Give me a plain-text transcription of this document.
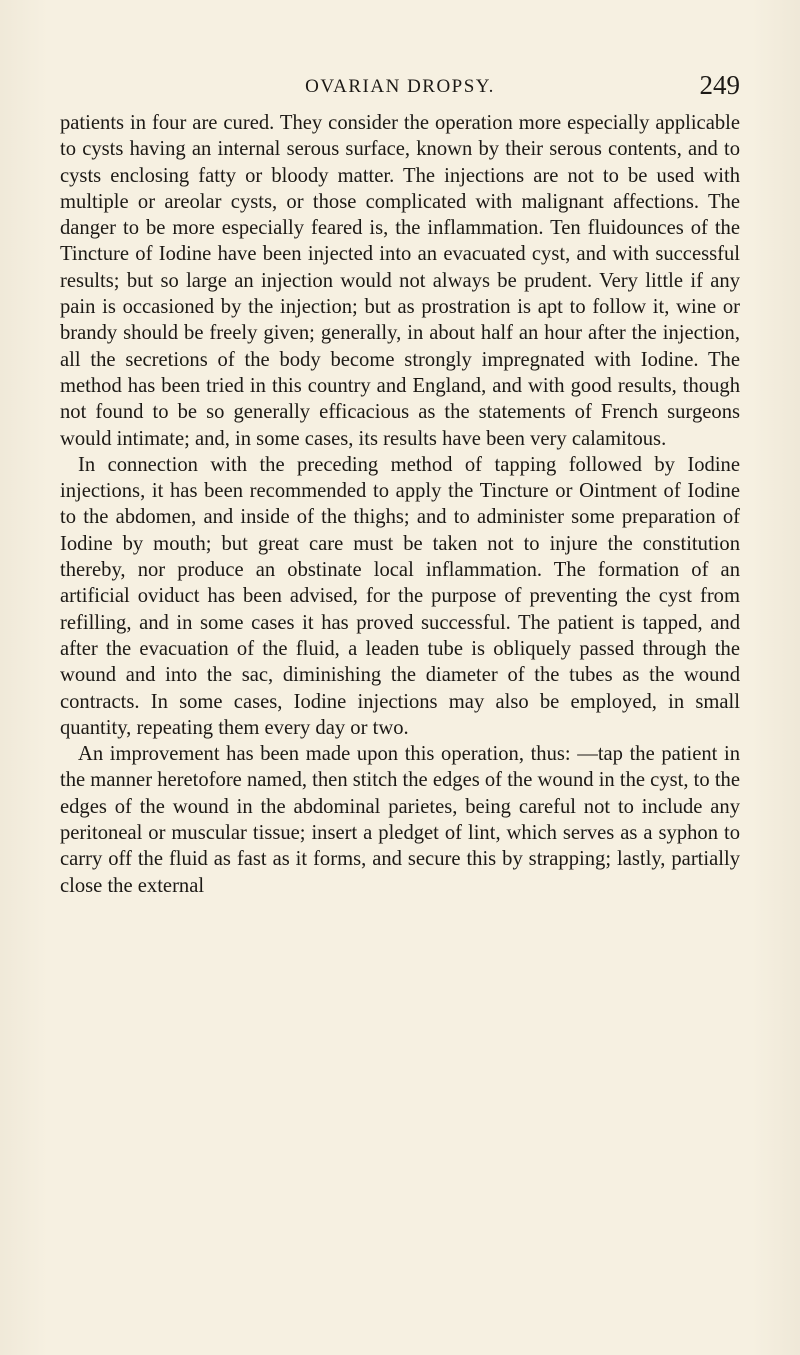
OVARIAN DROPSY.	249

patients in four are cured. They consider the operation more especially applicable to cysts having an internal serous surface, known by their serous contents, and to cysts enclosing fatty or bloody matter. The injections are not to be used with multiple or areolar cysts, or those complicated with malignant affections. The danger to be more especially feared is, the inflammation. Ten fluidounces of the Tincture of Iodine have been injected into an evacuated cyst, and with successful results; but so large an injection would not always be prudent. Very little if any pain is occasioned by the injection; but as prostration is apt to follow it, wine or brandy should be freely given; generally, in about half an hour after the injection, all the secretions of the body become strongly impregnated with Iodine. The method has been tried in this country and England, and with good results, though not found to be so generally efficacious as the statements of French surgeons would intimate; and, in some cases, its results have been very calamitous.

In connection with the preceding method of tapping followed by Iodine injections, it has been recommended to apply the Tincture or Ointment of Iodine to the abdomen, and inside of the thighs; and to administer some preparation of Iodine by mouth; but great care must be taken not to injure the constitution thereby, nor produce an obstinate local inflammation. The formation of an artificial oviduct has been advised, for the purpose of preventing the cyst from refilling, and in some cases it has proved successful. The patient is tapped, and after the evacuation of the fluid, a leaden tube is obliquely passed through the wound and into the sac, diminishing the diameter of the tubes as the wound contracts. In some cases, Iodine injections may also be employed, in small quantity, repeating them every day or two.

An improvement has been made upon this operation, thus: —tap the patient in the manner heretofore named, then stitch the edges of the wound in the cyst, to the edges of the wound in the abdominal parietes, being careful not to include any peritoneal or muscular tissue; insert a pledget of lint, which serves as a syphon to carry off the fluid as fast as it forms, and secure this by strapping; lastly, partially close the external
